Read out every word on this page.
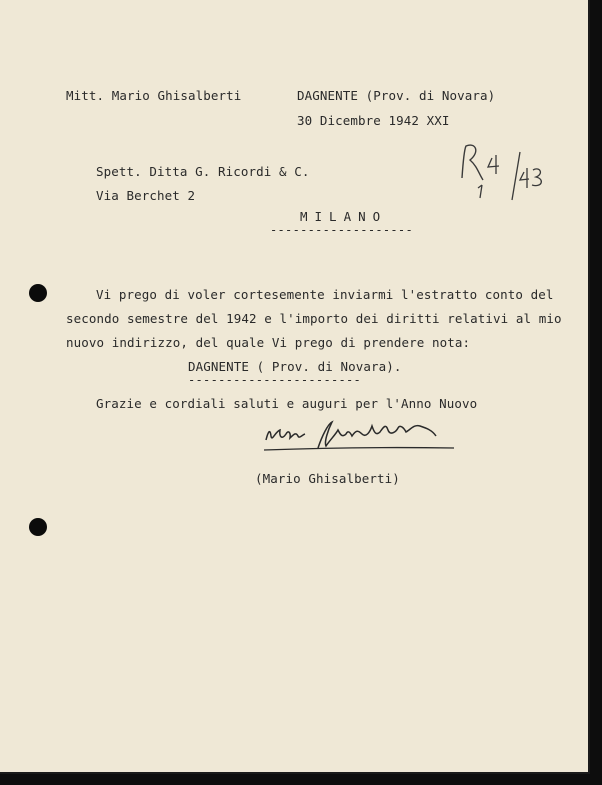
Mitt. Mario Ghisalberti	DAGNENTE (Prov. di Novara)
30 Dicembre 1942 XXI
Spett. Ditta G. Ricordi & C.
Via Berchet 2
MILANO
-------------------
Vi prego di voler cortesemente inviarmi l'estratto conto del
secondo semestre del 1942 e l'importo dei diritti relativi al mio
nuovo indirizzo, del quale Vi prego di prendere nota:
DAGNENTE ( Prov. di Novara).
-----------------------
Grazie e cordiali saluti e auguri per l'Anno Nuovo
(Mario Ghisalberti)
